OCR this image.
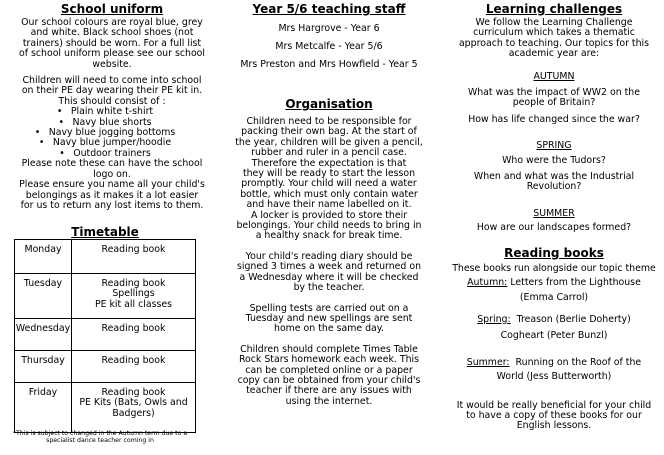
School uniform
Our school colours are royal blue, grey
and white. Black school shoes (not
trainers) should be worn. For a full list
of school uniform please see our school
website.
Children will need to come into school
on their PE day wearing their PE kit in.
This should consist of :
• Plain white t-shirt
• Navy blue shorts
• Navy blue jogging bottoms
• Navy blue jumper/hoodie
• Outdoor trainers
Please note these can have the school
logo on.
Please ensure you name all your child's
belongings as it makes it a lot easier
for us to return any lost items to them.
Timetable
Monday	Reading book

Tuesday	Reading book
Spellings
PE kit all classes

Wednesday	Reading book

Thursday	Reading book

Friday	Reading book
PE Kits (Bats, Owls and
Badgers)
*This is subject to changed in the Autumn term due to a
specialist dance teacher coming in
Year 5/6 teaching staff
Mrs Hargrove - Year 6
Mrs Metcalfe - Year 5/6
Mrs Preston and Mrs Howfield - Year 5
Organisation
Children need to be responsible for
packing their own bag. At the start of
the year, children will be given a pencil,
rubber and ruler in a pencil case.
Therefore the expectation is that
they will be ready to start the lesson
promptly. Your child will need a water
bottle, which must only contain water
and have their name labelled on it.
A locker is provided to store their
belongings. Your child needs to bring in
a healthy snack for break time.
Your child's reading diary should be
signed 3 times a week and returned on
a Wednesday where it will be checked
by the teacher.
Spelling tests are carried out on a
Tuesday and new spellings are sent
home on the same day.
Children should complete Times Table
Rock Stars homework each week. This
can be completed online or a paper
copy can be obtained from your child's
teacher if there are any issues with
using the internet.
Learning challenges
We follow the Learning Challenge
curriculum which takes a thematic
approach to teaching. Our topics for this
academic year are:
AUTUMN
What was the impact of WW2 on the
people of Britain?
How has life changed since the war?
SPRING
Who were the Tudors?
When and what was the Industrial
Revolution?
SUMMER
How are our landscapes formed?
Reading books
These books run alongside our topic theme
Autumn: Letters from the Lighthouse
(Emma Carrol)
Spring: Treason (Berlie Doherty)
Cogheart (Peter Bunzl)
Summer: Running on the Roof of the
World (Jess Butterworth)
It would be really beneficial for your child
to have a copy of these books for our
English lessons.
